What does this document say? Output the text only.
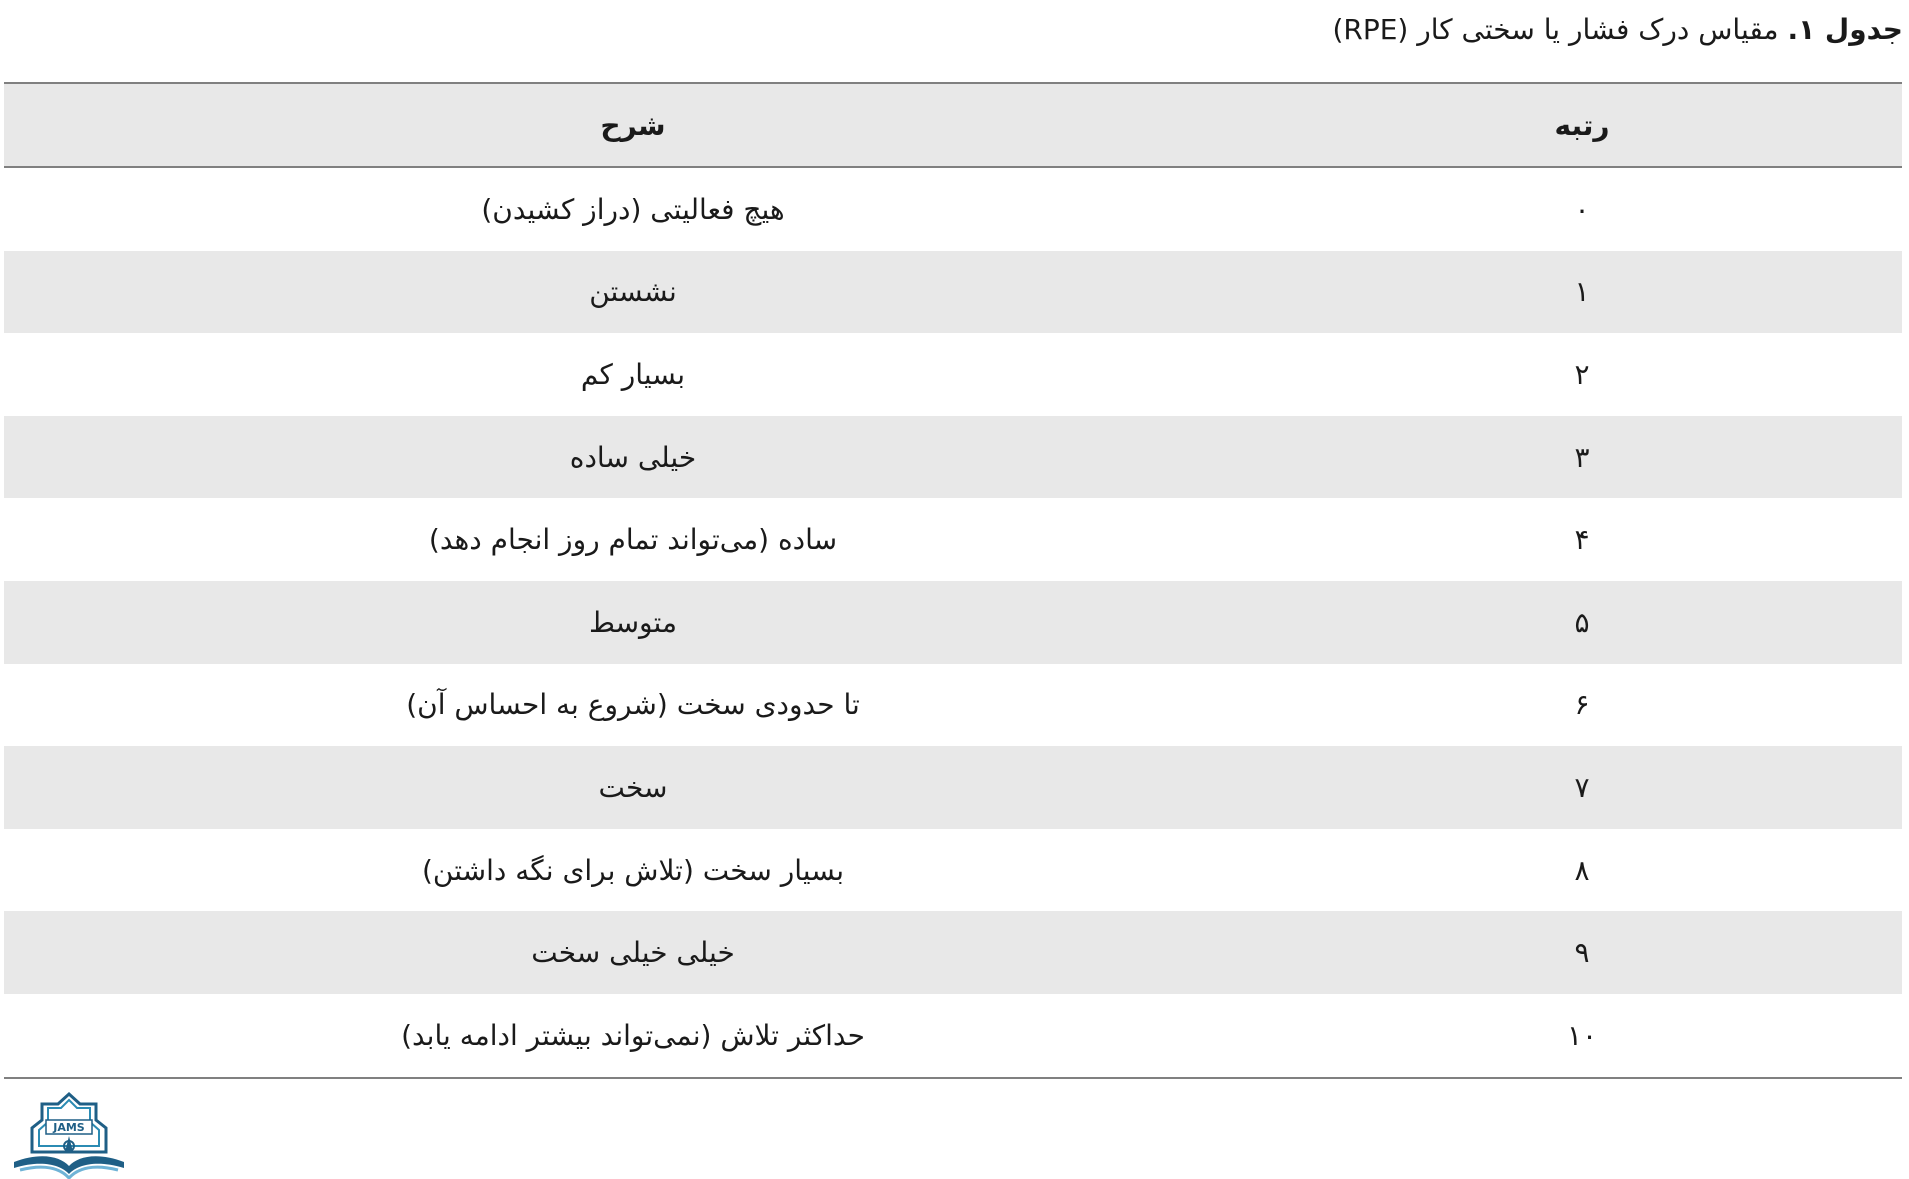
جدول ۱. مقیاس درک فشار یا سختی کار (RPE)
رتبه	شرح
۰	هیچ فعالیتی (دراز کشیدن)
۱	نشستن
۲	بسیار کم
۳	خیلی ساده
۴	ساده (می‌تواند تمام روز انجام دهد)
۵	متوسط
۶	تا حدودی سخت (شروع به احساس آن)
۷	سخت
۸	بسیار سخت (تلاش برای نگه داشتن)
۹	خیلی خیلی سخت
۱۰	حداکثر تلاش (نمی‌تواند بیشتر ادامه یابد)
JAMS
